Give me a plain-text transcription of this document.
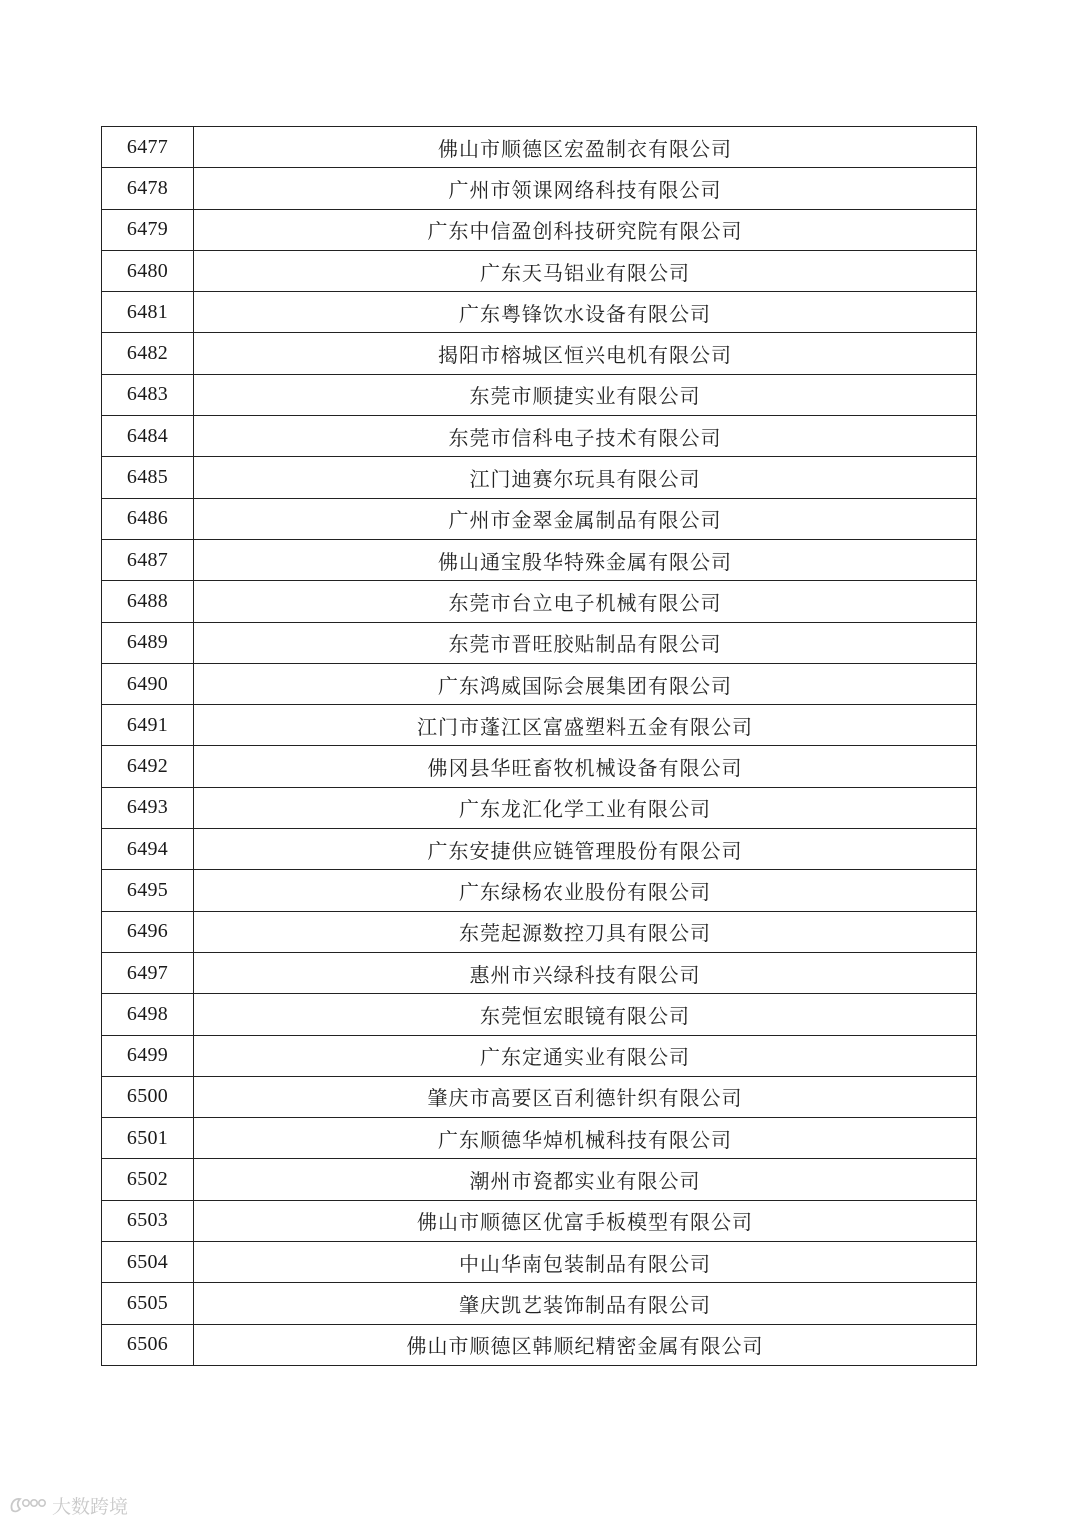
6477	佛山市顺德区宏盈制衣有限公司
6478	广州市领课网络科技有限公司
6479	广东中信盈创科技研究院有限公司
6480	广东天马铝业有限公司
6481	广东粤锋饮水设备有限公司
6482	揭阳市榕城区恒兴电机有限公司
6483	东莞市顺捷实业有限公司
6484	东莞市信科电子技术有限公司
6485	江门迪赛尔玩具有限公司
6486	广州市金翠金属制品有限公司
6487	佛山通宝殷华特殊金属有限公司
6488	东莞市台立电子机械有限公司
6489	东莞市晋旺胶贴制品有限公司
6490	广东鸿威国际会展集团有限公司
6491	江门市蓬江区富盛塑料五金有限公司
6492	佛冈县华旺畜牧机械设备有限公司
6493	广东龙汇化学工业有限公司
6494	广东安捷供应链管理股份有限公司
6495	广东绿杨农业股份有限公司
6496	东莞起源数控刀具有限公司
6497	惠州市兴绿科技有限公司
6498	东莞恒宏眼镜有限公司
6499	广东定通实业有限公司
6500	肇庆市高要区百利德针织有限公司
6501	广东顺德华焯机械科技有限公司
6502	潮州市瓷都实业有限公司
6503	佛山市顺德区优富手板模型有限公司
6504	中山华南包装制品有限公司
6505	肇庆凯艺装饰制品有限公司
6506	佛山市顺德区韩顺纪精密金属有限公司
大数跨境
